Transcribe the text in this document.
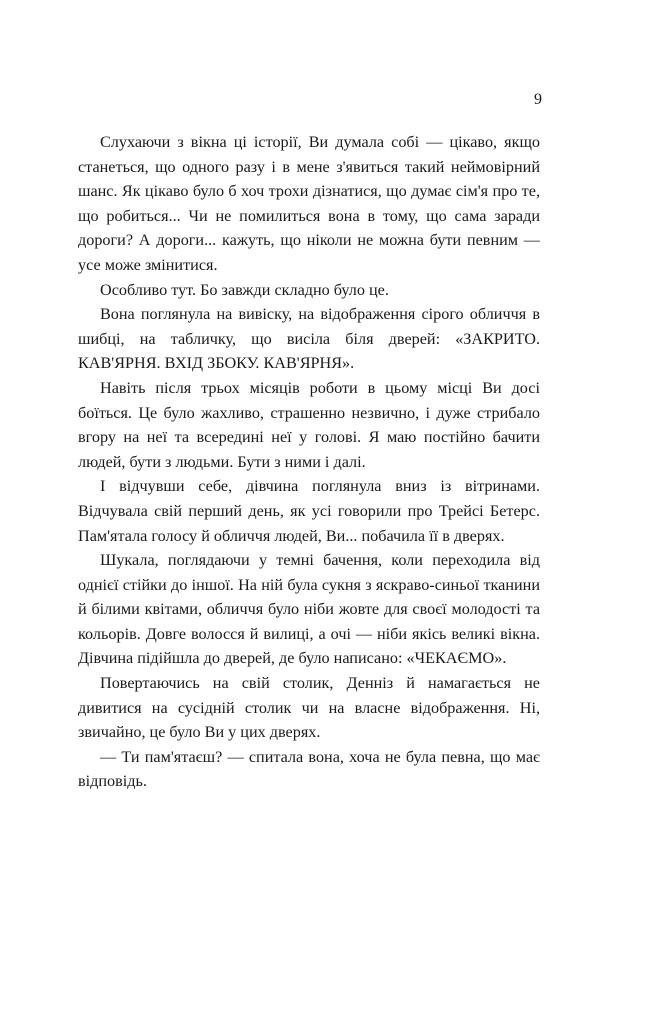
9

Слухаючи з вікна ці історії, Ви думала собі — цікаво, якщо станеться, що одного разу і в мене з'явиться такий неймовірний шанс. Як цікаво було б хоч трохи дізнатися, що думає сім'я про те, що робиться... Чи не помилиться вона в тому, що сама заради дороги? А дороги... кажуть, що ніколи не можна бути певним — усе може змінитися.

Особливо тут. Бо завжди складно було це.

Вона поглянула на вивіску, на відображення сірого обличчя в шибці, на табличку, що висіла біля дверей: «ЗАКРИТО. КАВ'ЯРНЯ. ВХІД ЗБОКУ. КАВ'ЯРНЯ».

Навіть після трьох місяців роботи в цьому місці Ви досі боїться. Це було жахливо, страшенно незвично, і дуже стрибало вгору на неї та всередині неї у голові. Я маю постійно бачити людей, бути з людьми. Бути з ними і далі.

І відчувши себе, дівчина поглянула вниз із вітринами. Відчувала свій перший день, як усі говорили про Трейсі Бетерс. Пам'ятала голосу й обличчя людей, Ви... побачила її в дверях.

Шукала, поглядаючи у темні бачення, коли переходила від однієї стійки до іншої. На ній була сукня з яскраво-синьої тканини й білими квітами, обличчя було ніби жовте для своєї молодості та кольорів. Довге волосся й вилиці, а очі — ніби якісь великі вікна. Дівчина підійшла до дверей, де було написано: «ЧЕКАЄМО».

Повертаючись на свій столик, Денніз й намагається не дивитися на сусідній столик чи на власне відображення. Ні, звичайно, це було Ви у цих дверях.

— Ти пам'ятаєш? — спитала вона, хоча не була певна, що має відповідь.
